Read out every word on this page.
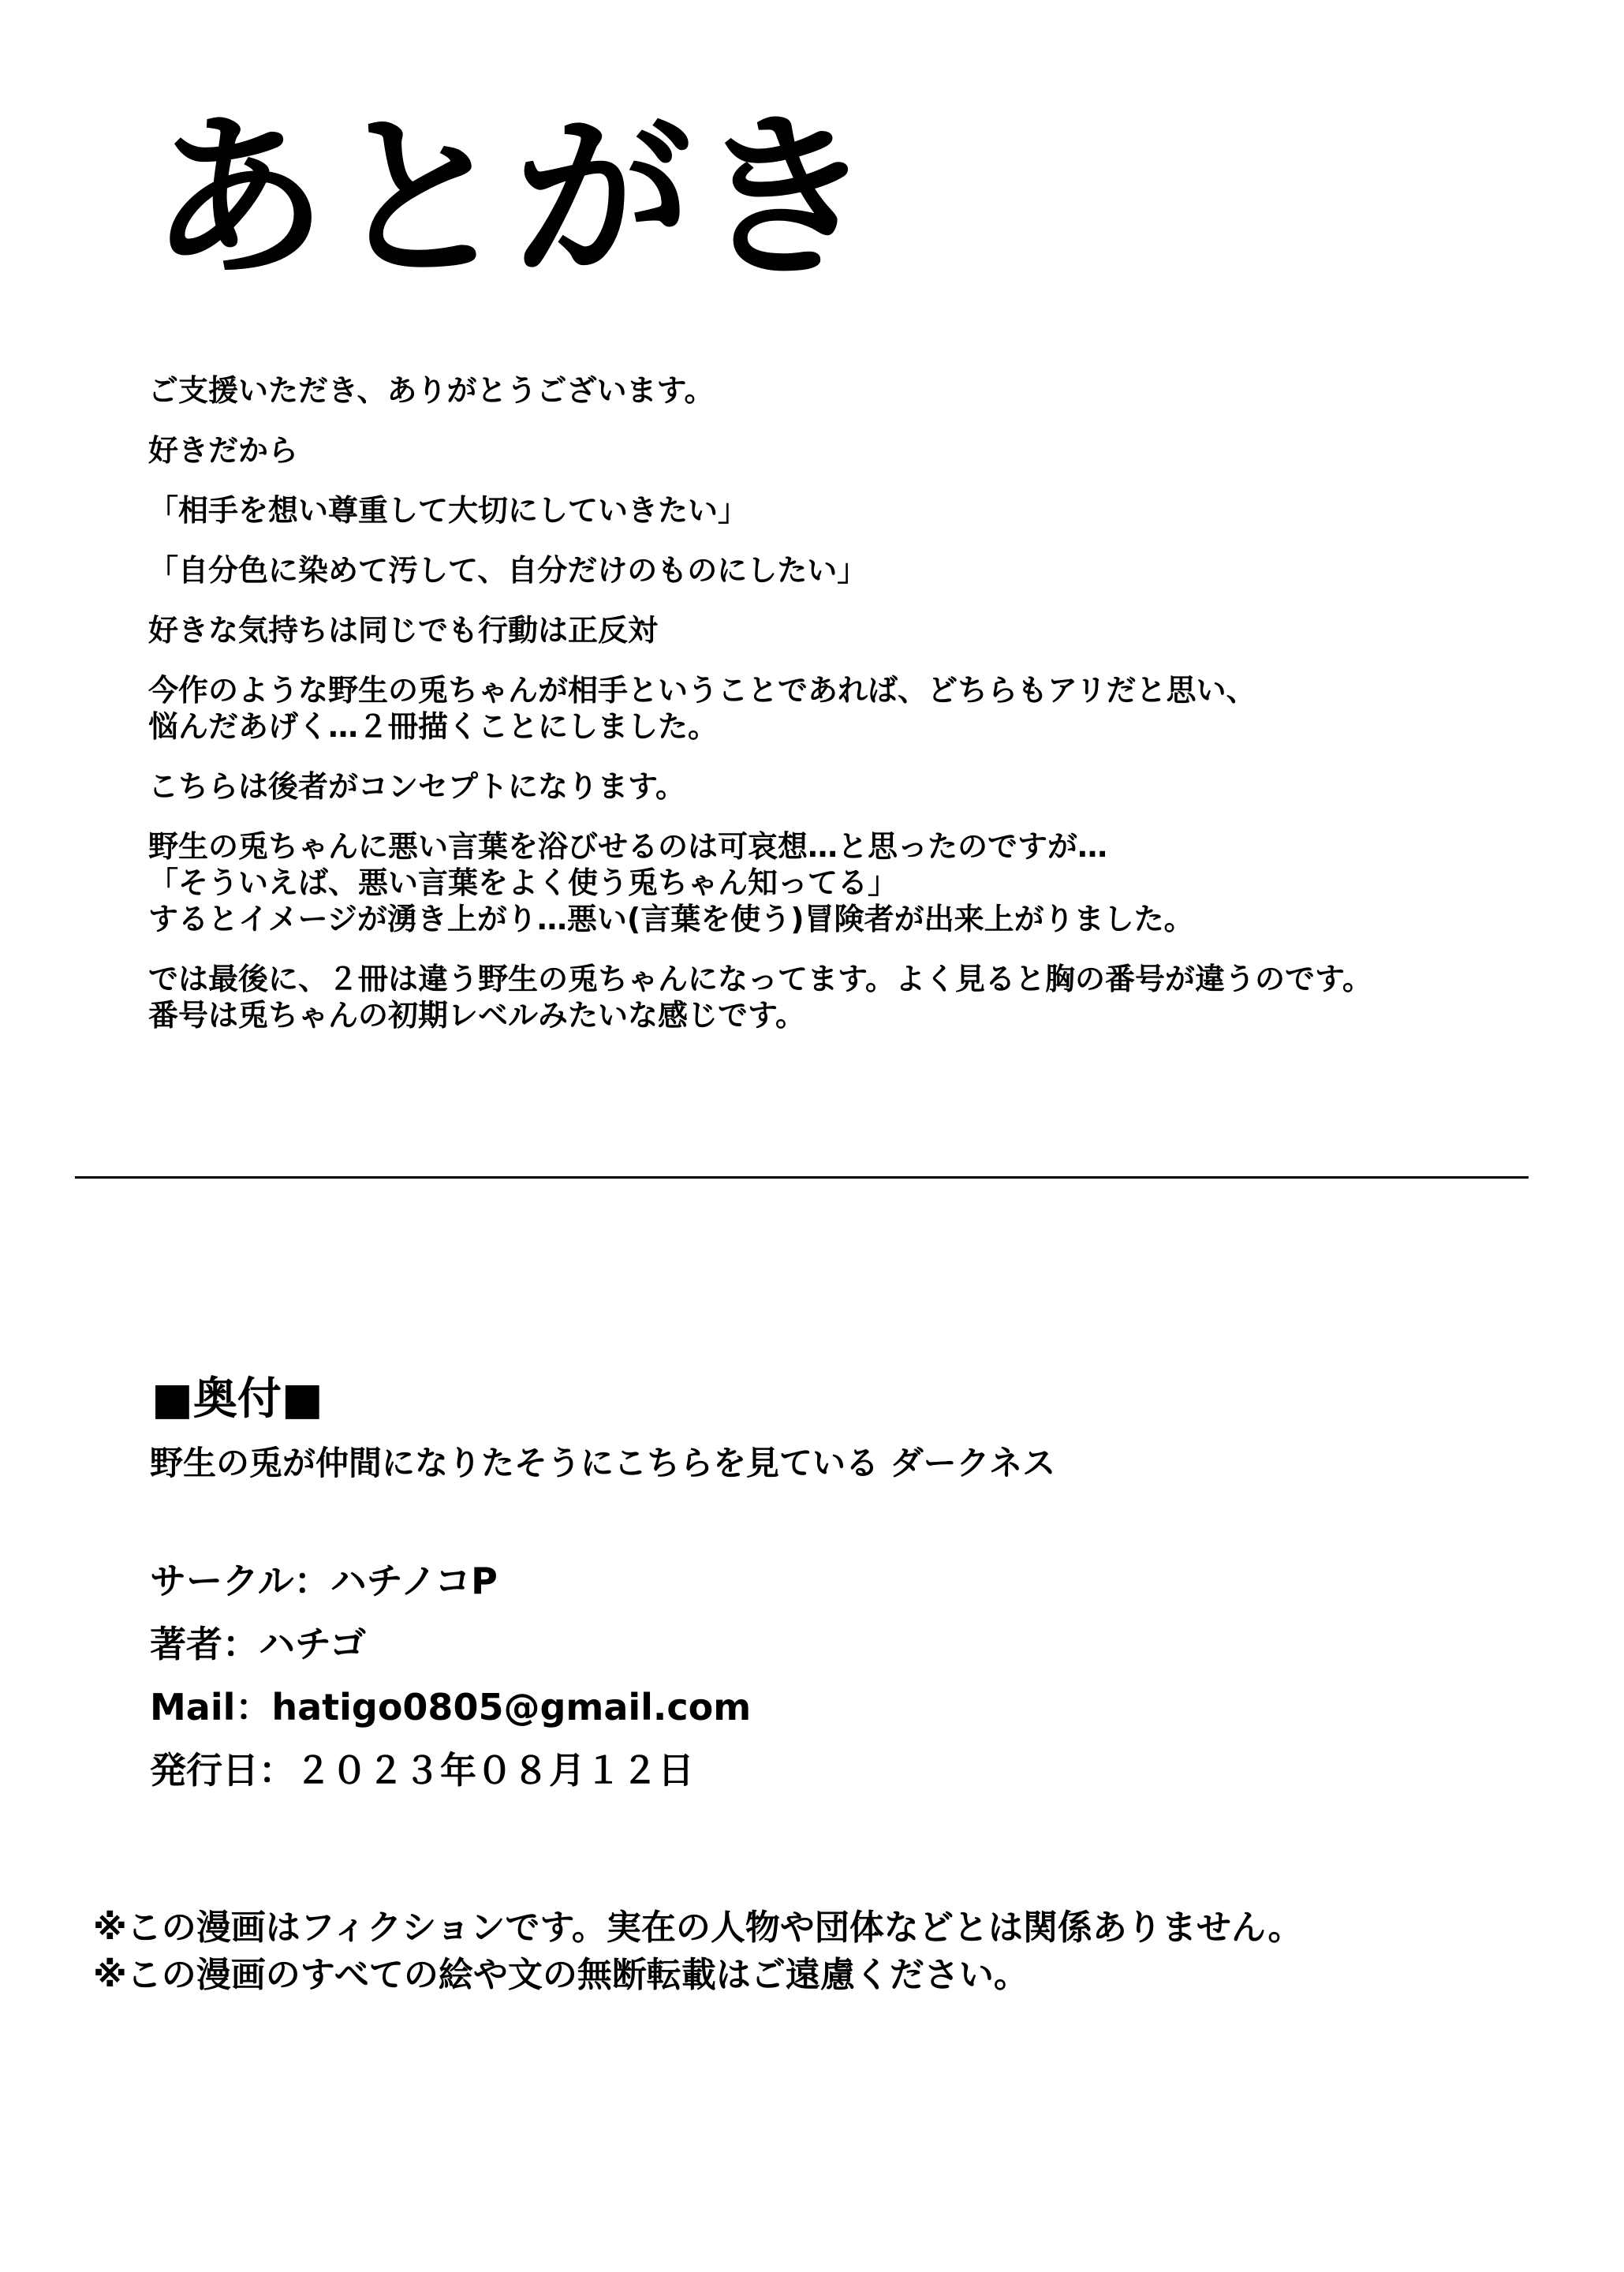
あとがき

ご支援いただき、ありがとうございます。

好きだから

「相手を想い尊重して大切にしていきたい」

「自分色に染めて汚して、自分だけのものにしたい」

好きな気持ちは同じでも行動は正反対

今作のような野生の兎ちゃんが相手ということであれば、どちらもアリだと思い、
悩んだあげく…２冊描くことにしました。

こちらは後者がコンセプトになります。

野生の兎ちゃんに悪い言葉を浴びせるのは可哀想…と思ったのですが…
「そういえば、悪い言葉をよく使う兎ちゃん知ってる」
するとイメージが湧き上がり…悪い(言葉を使う)冒険者が出来上がりました。

では最後に、２冊は違う野生の兎ちゃんになってます。よく見ると胸の番号が違うのです。
番号は兎ちゃんの初期レベルみたいな感じです。

■奥付■
野生の兎が仲間になりたそうにこちらを見ている ダークネス
サークル：ハチノコP
著者：ハチゴ
Mail：hatigo0805@gmail.com
発行日：２０２３年０８月１２日
※この漫画はフィクションです。実在の人物や団体などとは関係ありません。
※この漫画のすべての絵や文の無断転載はご遠慮ください。
